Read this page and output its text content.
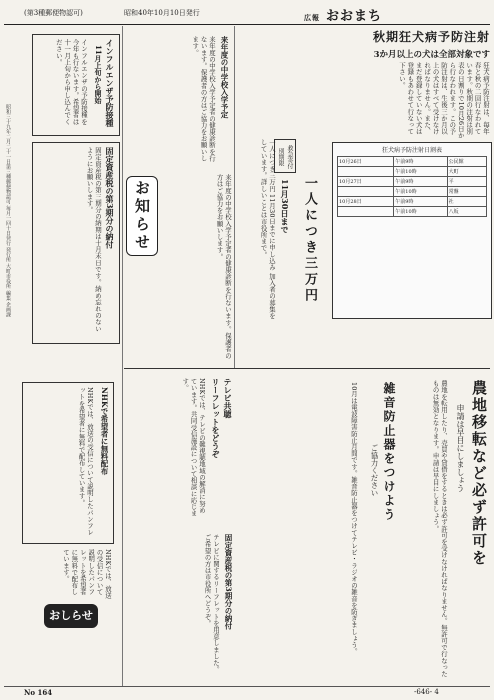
(第3種郵便物認可)	昭和40年10月10日発行	広報 おおまち
昭和三十九年二月二十一日第三種郵便物認可 毎月一回十日発行 発行所 大町市役所 編集 企画課
秋期狂犬病予防注射
3か月以上の犬は全部対象です
狂犬病予防注射は、毎年春と秋の二回行なわれています。秋期の注射は別表の日割りで10月26日から行なわれます。この予防注射は、生後三か月以上の犬はすべて受けなければなりません。また、まだ登録していない犬は登録もあわせて行なって下さい。
狂犬病予防注射日割表
10月26日	午前9時	公民館
	午前10時	大町
10月27日	午前9時	平
	午前10時	常盤
10月28日	午前9時	社
	午前10時	八坂
救急寄付 別期限
一人につき三万円
11月30日まで
一人につき三万円 11月30日までに申し込み 加入者の募集をしています。詳しいことは市役所まで。
インフルエンザ予防接種
11月上旬から開始
インフルエンザの予防接種を今年も行ないます。希望者は十一月上旬から申し込んでください。	来年度の中学校入学予定
来年度の中学校入学予定者の健康診断を行ないます。保護者の方はご協力をお願いします。
お知らせ
固定資産税の第3期分の納付
固定資産税の第三期分の納期は十月末日です。納め忘れのないようにお願いします。	来年度の中学校入学予定者の健康診断を行ないます。保護者の方はご協力をお願いします。
農地移転など必ず許可を
申請は早目にしましょう
農地を転用したり、売買や貸借をするときは必ず許可を受けなければなりません。無許可で行なったものは無効となります。申請は早目にしましょう。
雑音防止器をつけよう
ご協力ください
10月は電波障害防止月間です。雑音防止器をつけてテレビ・ラジオの雑音を防ぎましょう。
テレビ共聴
リーフレットをどうぞ
NHKでは、テレビの難視聴地域の解消に努めています。共同受信施設について相談に応じます。
固定資産税の第3期分の納付
テレビに関するリーフレットを用意しました。ご希望の方は市役所へどうぞ。
NHKで希望者に無料配布
NHKでは、放送の受信について説明したパンフレットを希望者に無料で配布しています。
おしらせ
NHKでは、放送の受信について説明したパンフレットを希望者に無料で配布しています。
No 164	-646- 4
